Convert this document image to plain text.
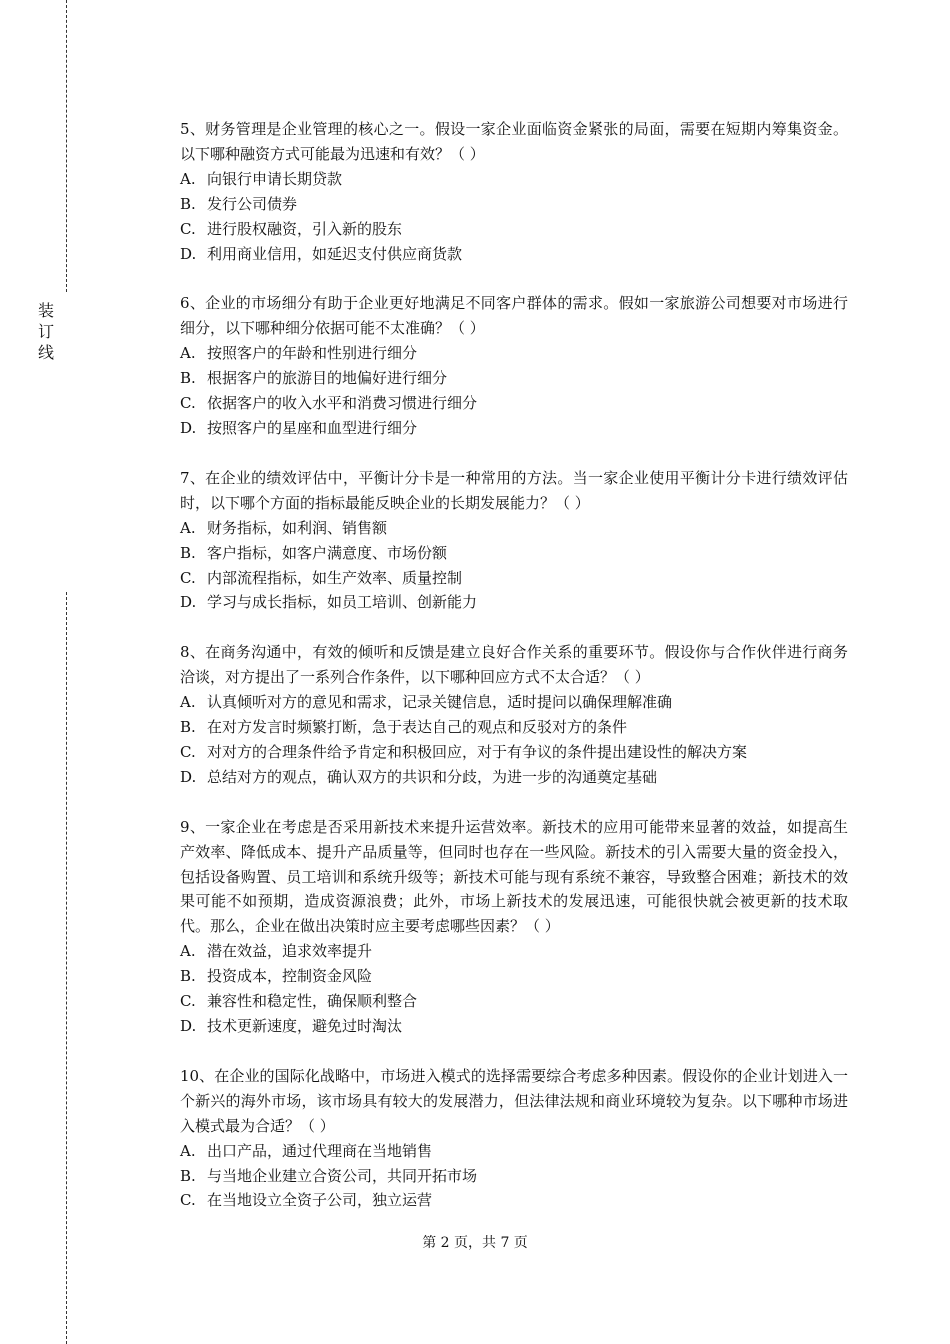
装
订
线

5、财务管理是企业管理的核心之一。假设一家企业面临资金紧张的局面，需要在短期内筹集资金。以下哪种融资方式可能最为迅速和有效？（ ）

A. 向银行申请长期贷款

B. 发行公司债券

C. 进行股权融资，引入新的股东

D. 利用商业信用，如延迟支付供应商货款

6、企业的市场细分有助于企业更好地满足不同客户群体的需求。假如一家旅游公司想要对市场进行细分，以下哪种细分依据可能不太准确？（ ）

A. 按照客户的年龄和性别进行细分

B. 根据客户的旅游目的地偏好进行细分

C. 依据客户的收入水平和消费习惯进行细分

D. 按照客户的星座和血型进行细分

7、在企业的绩效评估中，平衡计分卡是一种常用的方法。当一家企业使用平衡计分卡进行绩效评估时，以下哪个方面的指标最能反映企业的长期发展能力？（ ）

A. 财务指标，如利润、销售额

B. 客户指标，如客户满意度、市场份额

C. 内部流程指标，如生产效率、质量控制

D. 学习与成长指标，如员工培训、创新能力

8、在商务沟通中，有效的倾听和反馈是建立良好合作关系的重要环节。假设你与合作伙伴进行商务洽谈，对方提出了一系列合作条件，以下哪种回应方式不太合适？（ ）

A. 认真倾听对方的意见和需求，记录关键信息，适时提问以确保理解准确

B. 在对方发言时频繁打断，急于表达自己的观点和反驳对方的条件

C. 对对方的合理条件给予肯定和积极回应，对于有争议的条件提出建设性的解决方案

D. 总结对方的观点，确认双方的共识和分歧，为进一步的沟通奠定基础

9、一家企业在考虑是否采用新技术来提升运营效率。新技术的应用可能带来显著的效益，如提高生产效率、降低成本、提升产品质量等，但同时也存在一些风险。新技术的引入需要大量的资金投入，包括设备购置、员工培训和系统升级等；新技术可能与现有系统不兼容，导致整合困难；新技术的效果可能不如预期，造成资源浪费；此外，市场上新技术的发展迅速，可能很快就会被更新的技术取代。那么，企业在做出决策时应主要考虑哪些因素？（ ）

A. 潜在效益，追求效率提升

B. 投资成本，控制资金风险

C. 兼容性和稳定性，确保顺利整合

D. 技术更新速度，避免过时淘汰

10、在企业的国际化战略中，市场进入模式的选择需要综合考虑多种因素。假设你的企业计划进入一个新兴的海外市场，该市场具有较大的发展潜力，但法律法规和商业环境较为复杂。以下哪种市场进入模式最为合适？（ ）

A. 出口产品，通过代理商在当地销售

B. 与当地企业建立合资公司，共同开拓市场

C. 在当地设立全资子公司，独立运营

第 2 页，共 7 页
